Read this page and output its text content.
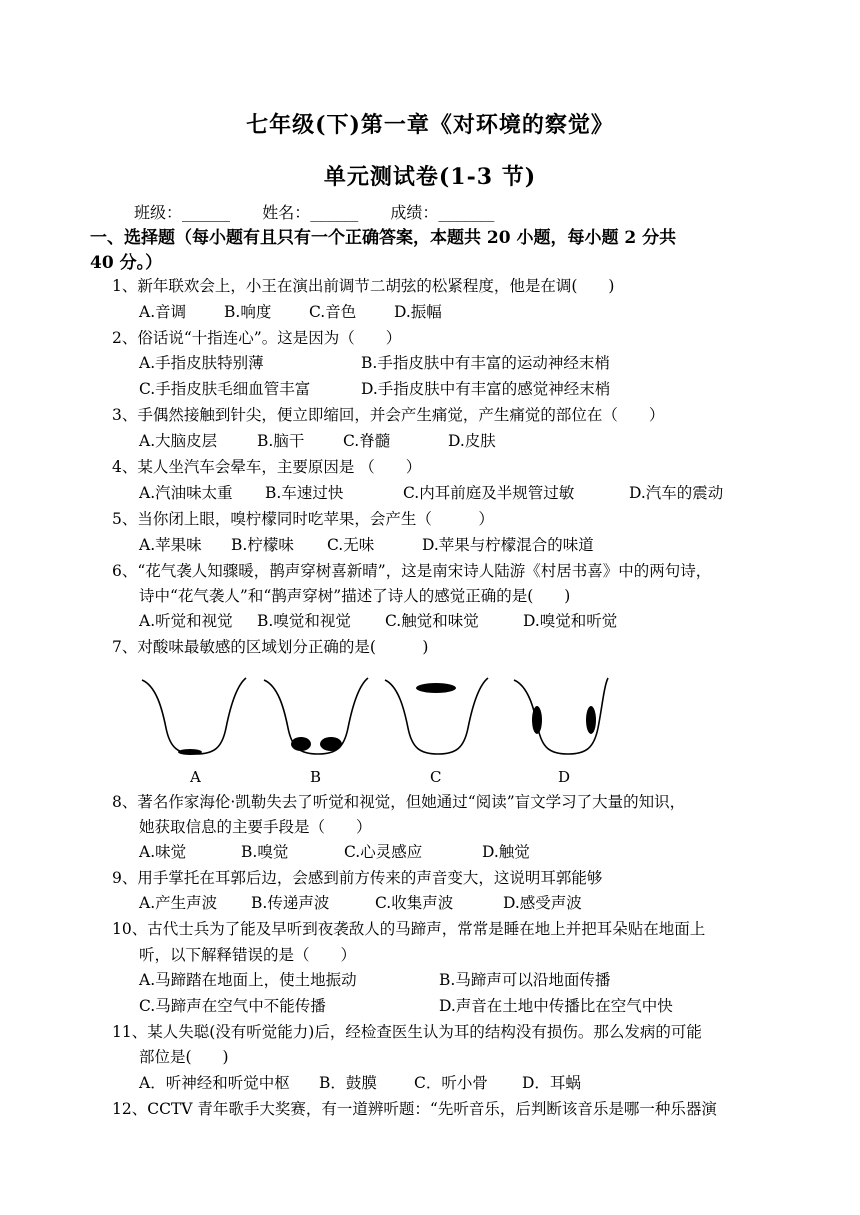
七年级(下)第一章《对环境的察觉》
单元测试卷(1-3 节)
班级：______ 姓名：______ 成绩：_______
一、选择题（每小题有且只有一个正确答案，本题共 20 小题，每小题 2 分共
40 分。）
1、新年联欢会上，小王在演出前调节二胡弦的松紧程度，他是在调(　　)
A.音调 B.响度 C.音色 D.振幅
2、俗话说“十指连心”。这是因为（　　）
A.手指皮肤特别薄	B.手指皮肤中有丰富的运动神经末梢
C.手指皮肤毛细血管丰富	D.手指皮肤中有丰富的感觉神经末梢
3、手偶然接触到针尖，便立即缩回，并会产生痛觉，产生痛觉的部位在（　　）
A.大脑皮层	B.脑干 C.脊髓	D.皮肤
4、某人坐汽车会晕车，主要原因是 （　　）
A.汽油味太重 B.车速过快	C.内耳前庭及半规管过敏	D.汽车的震动
5、当你闭上眼，嗅柠檬同时吃苹果，会产生（　　　）
A.苹果味 B.柠檬味 C.无味	D.苹果与柠檬混合的味道
6、“花气袭人知骤暖，鹊声穿树喜新晴”，这是南宋诗人陆游《村居书喜》中的两句诗，
诗中“花气袭人”和“鹊声穿树”描述了诗人的感觉正确的是(　　)
A.听觉和视觉 B.嗅觉和视觉 C.触觉和味觉	D.嗅觉和听觉
7、对酸味最敏感的区域划分正确的是(　　　)
A	B	C	D
8、著名作家海伦·凯勒失去了听觉和视觉，但她通过“阅读”盲文学习了大量的知识，
她获取信息的主要手段是（　　）
A.味觉	B.嗅觉	C.心灵感应	D.触觉
9、用手掌托在耳郭后边，会感到前方传来的声音变大，这说明耳郭能够
A.产生声波 B.传递声波	C.收集声波	D.感受声波
10、古代士兵为了能及早听到夜袭敌人的马蹄声，常常是睡在地上并把耳朵贴在地面上
听，以下解释错误的是（　　）
A.马蹄踏在地面上，使土地振动	B.马蹄声可以沿地面传播
C.马蹄声在空气中不能传播	D.声音在土地中传播比在空气中快
11、某人失聪(没有听觉能力)后，经检查医生认为耳的结构没有损伤。那么发病的可能
部位是(　　)
A．听神经和听觉中枢 B．鼓膜 C．听小骨 D．耳蜗
12、CCTV 青年歌手大奖赛，有一道辨听题：“先听音乐，后判断该音乐是哪一种乐器演
